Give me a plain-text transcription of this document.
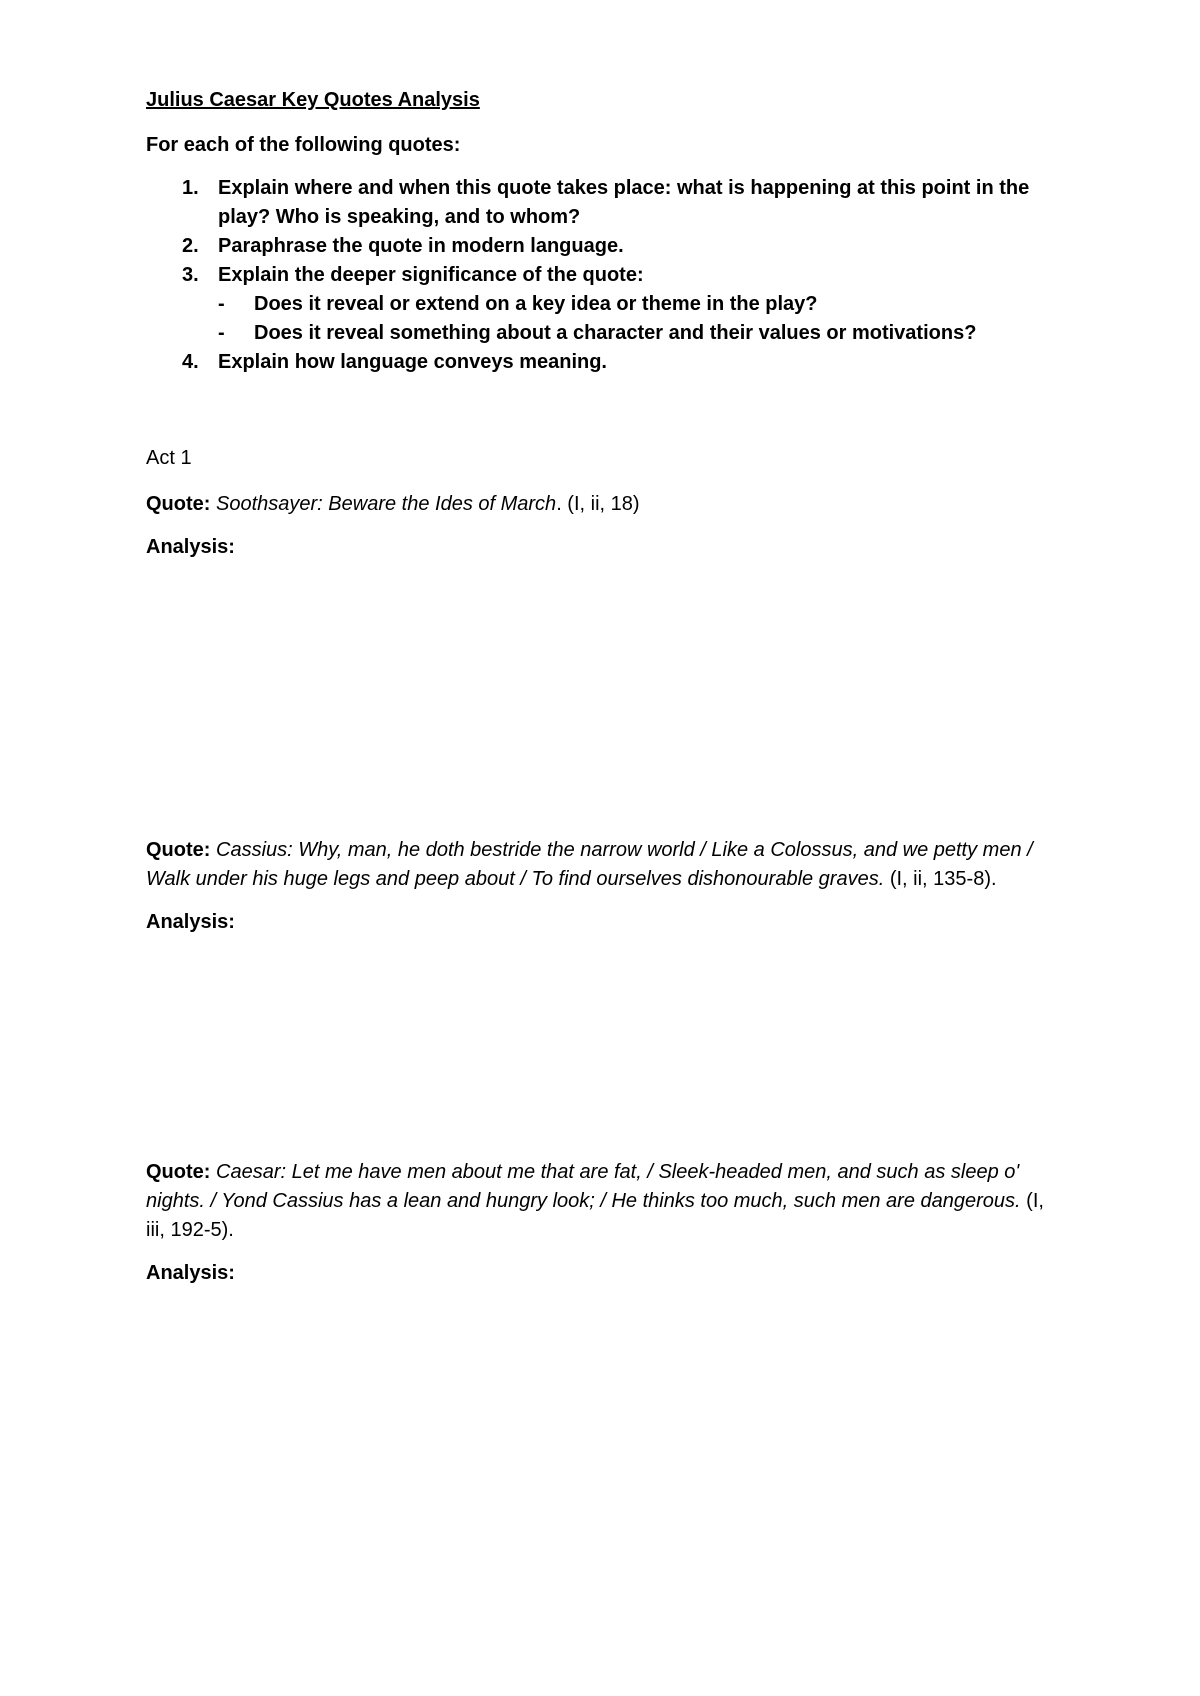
Julius Caesar Key Quotes Analysis

For each of the following quotes:

1. Explain where and when this quote takes place: what is happening at this point in the play? Who is speaking, and to whom?
2. Paraphrase the quote in modern language.
3. Explain the deeper significance of the quote:
- Does it reveal or extend on a key idea or theme in the play?
- Does it reveal something about a character and their values or motivations?
4. Explain how language conveys meaning.

Act 1

Quote: Soothsayer: Beware the Ides of March. (I, ii, 18)

Analysis:

Quote: Cassius: Why, man, he doth bestride the narrow world / Like a Colossus, and we petty men / Walk under his huge legs and peep about / To find ourselves dishonourable graves. (I, ii, 135-8).

Analysis:

Quote: Caesar: Let me have men about me that are fat, / Sleek-headed men, and such as sleep o' nights. / Yond Cassius has a lean and hungry look; / He thinks too much, such men are dangerous. (I, iii, 192-5).

Analysis:
